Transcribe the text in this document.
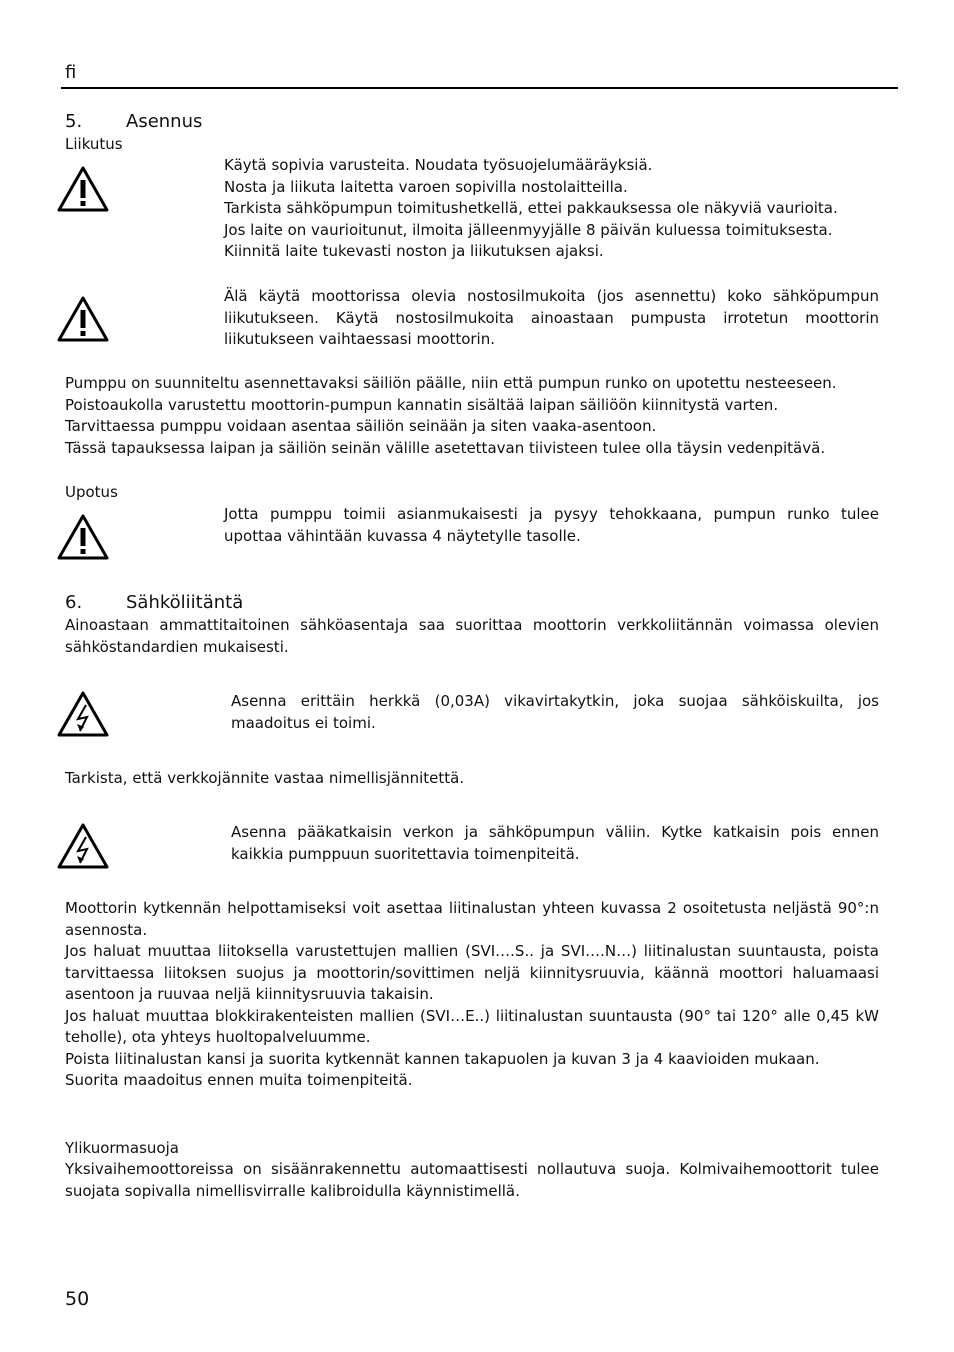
fi
5. Asennus
Liikutus
Käytä sopivia varusteita. Noudata työsuojelumääräyksiä.
Nosta ja liikuta laitetta varoen sopivilla nostolaitteilla.
Tarkista sähköpumpun toimitushetkellä, ettei pakkauksessa ole näkyviä vaurioita.
Jos laite on vaurioitunut, ilmoita jälleenmyyjälle 8 päivän kuluessa toimituksesta.
Kiinnitä laite tukevasti noston ja liikutuksen ajaksi.
Älä käytä moottorissa olevia nostosilmukoita (jos asennettu) koko sähköpumpun liikutukseen. Käytä nostosilmukoita ainoastaan pumpusta irrotetun moottorin liikutukseen vaihtaessasi moottorin.
Pumppu on suunniteltu asennettavaksi säiliön päälle, niin että pumpun runko on upotettu nesteeseen.
Poistoaukolla varustettu moottorin-pumpun kannatin sisältää laipan säiliöön kiinnitystä varten.
Tarvittaessa pumppu voidaan asentaa säiliön seinään ja siten vaaka-asentoon.
Tässä tapauksessa laipan ja säiliön seinän välille asetettavan tiivisteen tulee olla täysin vedenpitävä.
Upotus
Jotta pumppu toimii asianmukaisesti ja pysyy tehokkaana, pumpun runko tulee upottaa vähintään kuvassa 4 näytetylle tasolle.
6. Sähköliitäntä
Ainoastaan ammattitaitoinen sähköasentaja saa suorittaa moottorin verkkoliitännän voimassa olevien sähköstandardien mukaisesti.
Asenna erittäin herkkä (0,03A) vikavirtakytkin, joka suojaa sähköiskuilta, jos maadoitus ei toimi.
Tarkista, että verkkojännite vastaa nimellisjännitettä.
Asenna pääkatkaisin verkon ja sähköpumpun väliin. Kytke katkaisin pois ennen kaikkia pumppuun suoritettavia toimenpiteitä.
Moottorin kytkennän helpottamiseksi voit asettaa liitinalustan yhteen kuvassa 2 osoitetusta neljästä 90°:n asennosta.
Jos haluat muuttaa liitoksella varustettujen mallien (SVI….S.. ja SVI….N…) liitinalustan suuntausta, poista tarvittaessa liitoksen suojus ja moottorin/sovittimen neljä kiinnitysruuvia, käännä moottori haluamaasi asentoon ja ruuvaa neljä kiinnitysruuvia takaisin.
Jos haluat muuttaa blokkirakenteisten mallien (SVI…E..) liitinalustan suuntausta (90° tai 120° alle 0,45 kW teholle), ota yhteys huoltopalveluumme.
Poista liitinalustan kansi ja suorita kytkennät kannen takapuolen ja kuvan 3 ja 4 kaavioiden mukaan.
Suorita maadoitus ennen muita toimenpiteitä.
Ylikuormasuoja
Yksivaihemoottoreissa on sisäänrakennettu automaattisesti nollautuva suoja. Kolmivaihemoottorit tulee suojata sopivalla nimellisvirralle kalibroidulla käynnistimellä.
50
